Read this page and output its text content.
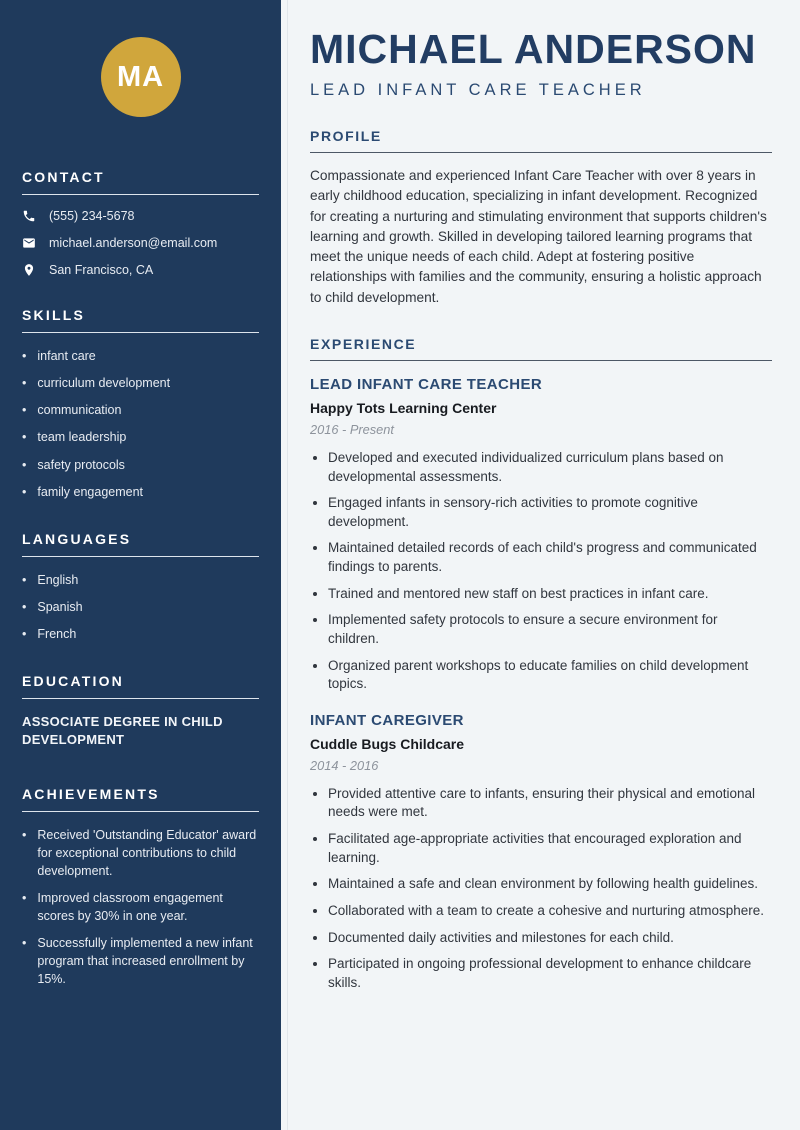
MA
CONTACT
(555) 234-5678
michael.anderson@email.com
San Francisco, CA
SKILLS
• infant care
• curriculum development
• communication
• team leadership
• safety protocols
• family engagement
LANGUAGES
• English
• Spanish
• French
EDUCATION
ASSOCIATE DEGREE IN CHILD DEVELOPMENT
ACHIEVEMENTS
• Received 'Outstanding Educator' award for exceptional contributions to child development.
• Improved classroom engagement scores by 30% in one year.
• Successfully implemented a new infant program that increased enrollment by 15%.
MICHAEL ANDERSON
LEAD INFANT CARE TEACHER
PROFILE

Compassionate and experienced Infant Care Teacher with over 8 years in early childhood education, specializing in infant development. Recognized for creating a nurturing and stimulating environment that supports children's learning and growth. Skilled in developing tailored learning programs that meet the unique needs of each child. Adept at fostering positive relationships with families and the community, ensuring a holistic approach to child development.

EXPERIENCE
LEAD INFANT CARE TEACHER
Happy Tots Learning Center
2016 - Present
• Developed and executed individualized curriculum plans based on developmental assessments.
• Engaged infants in sensory-rich activities to promote cognitive development.
• Maintained detailed records of each child's progress and communicated findings to parents.
• Trained and mentored new staff on best practices in infant care.
• Implemented safety protocols to ensure a secure environment for children.
• Organized parent workshops to educate families on child development topics.
INFANT CAREGIVER
Cuddle Bugs Childcare
2014 - 2016
• Provided attentive care to infants, ensuring their physical and emotional needs were met.
• Facilitated age-appropriate activities that encouraged exploration and learning.
• Maintained a safe and clean environment by following health guidelines.
• Collaborated with a team to create a cohesive and nurturing atmosphere.
• Documented daily activities and milestones for each child.
• Participated in ongoing professional development to enhance childcare skills.
